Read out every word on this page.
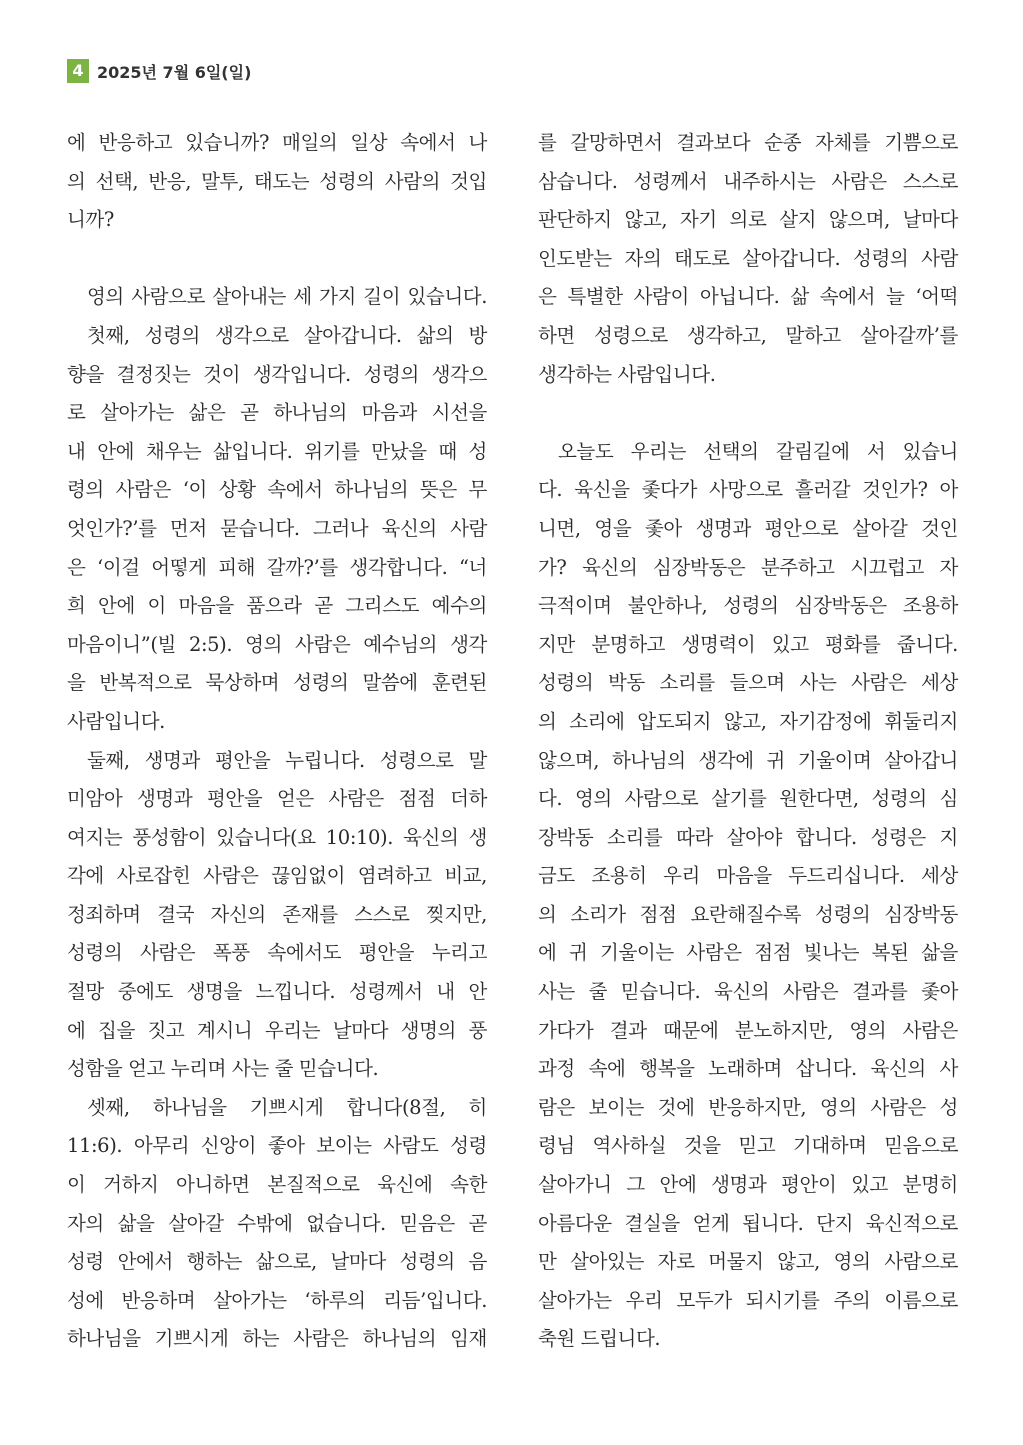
4 2025년 7월 6일(일)
에 반응하고 있습니까? 매일의 일상 속에서 나
의 선택, 반응, 말투, 태도는 성령의 사람의 것입
니까?
영의 사람으로 살아내는 세 가지 길이 있습니다.
첫째, 성령의 생각으로 살아갑니다. 삶의 방
향을 결정짓는 것이 생각입니다. 성령의 생각으
로 살아가는 삶은 곧 하나님의 마음과 시선을
내 안에 채우는 삶입니다. 위기를 만났을 때 성
령의 사람은 ‘이 상황 속에서 하나님의 뜻은 무
엇인가?’를 먼저 묻습니다. 그러나 육신의 사람
은 ‘이걸 어떻게 피해 갈까?’를 생각합니다. “너
희 안에 이 마음을 품으라 곧 그리스도 예수의
마음이니”(빌 2:5). 영의 사람은 예수님의 생각
을 반복적으로 묵상하며 성령의 말씀에 훈련된
사람입니다.
둘째, 생명과 평안을 누립니다. 성령으로 말
미암아 생명과 평안을 얻은 사람은 점점 더하
여지는 풍성함이 있습니다(요 10:10). 육신의 생
각에 사로잡힌 사람은 끊임없이 염려하고 비교,
정죄하며 결국 자신의 존재를 스스로 찢지만,
성령의 사람은 폭풍 속에서도 평안을 누리고
절망 중에도 생명을 느낍니다. 성령께서 내 안
에 집을 짓고 계시니 우리는 날마다 생명의 풍
성함을 얻고 누리며 사는 줄 믿습니다.
셋째, 하나님을 기쁘시게 합니다(8절, 히
11:6). 아무리 신앙이 좋아 보이는 사람도 성령
이 거하지 아니하면 본질적으로 육신에 속한
자의 삶을 살아갈 수밖에 없습니다. 믿음은 곧
성령 안에서 행하는 삶으로, 날마다 성령의 음
성에 반응하며 살아가는 ‘하루의 리듬’입니다.
하나님을 기쁘시게 하는 사람은 하나님의 임재
를 갈망하면서 결과보다 순종 자체를 기쁨으로
삼습니다. 성령께서 내주하시는 사람은 스스로
판단하지 않고, 자기 의로 살지 않으며, 날마다
인도받는 자의 태도로 살아갑니다. 성령의 사람
은 특별한 사람이 아닙니다. 삶 속에서 늘 ‘어떡
하면 성령으로 생각하고, 말하고 살아갈까’를
생각하는 사람입니다.
오늘도 우리는 선택의 갈림길에 서 있습니
다. 육신을 좇다가 사망으로 흘러갈 것인가? 아
니면, 영을 좇아 생명과 평안으로 살아갈 것인
가? 육신의 심장박동은 분주하고 시끄럽고 자
극적이며 불안하나, 성령의 심장박동은 조용하
지만 분명하고 생명력이 있고 평화를 줍니다.
성령의 박동 소리를 들으며 사는 사람은 세상
의 소리에 압도되지 않고, 자기감정에 휘둘리지
않으며, 하나님의 생각에 귀 기울이며 살아갑니
다. 영의 사람으로 살기를 원한다면, 성령의 심
장박동 소리를 따라 살아야 합니다. 성령은 지
금도 조용히 우리 마음을 두드리십니다. 세상
의 소리가 점점 요란해질수록 성령의 심장박동
에 귀 기울이는 사람은 점점 빛나는 복된 삶을
사는 줄 믿습니다. 육신의 사람은 결과를 좇아
가다가 결과 때문에 분노하지만, 영의 사람은
과정 속에 행복을 노래하며 삽니다. 육신의 사
람은 보이는 것에 반응하지만, 영의 사람은 성
령님 역사하실 것을 믿고 기대하며 믿음으로
살아가니 그 안에 생명과 평안이 있고 분명히
아름다운 결실을 얻게 됩니다. 단지 육신적으로
만 살아있는 자로 머물지 않고, 영의 사람으로
살아가는 우리 모두가 되시기를 주의 이름으로
축원 드립니다.
